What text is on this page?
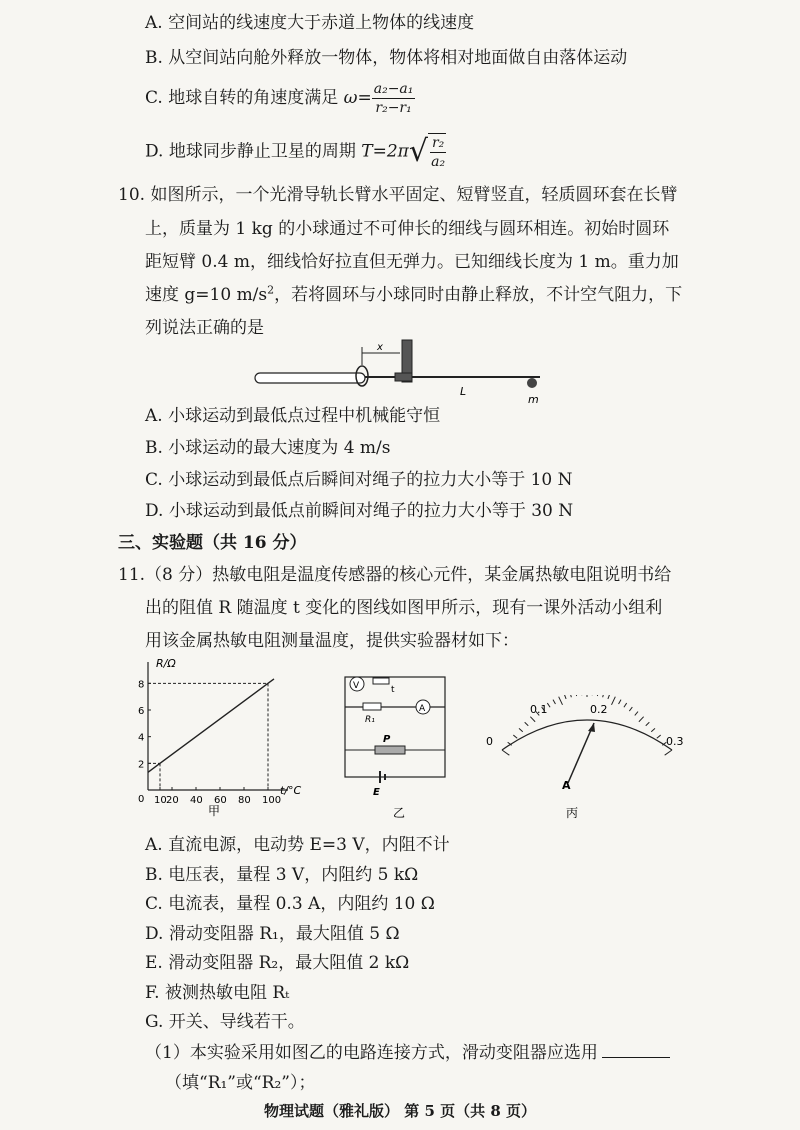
A. 空间站的线速度大于赤道上物体的线速度
B. 从空间站向舱外释放一物体，物体将相对地面做自由落体运动
C. 地球自转的角速度满足 $\omega= \frac{\text{a₂−a₁}}{\text{r₂−r₁}}$
D. 地球同步静止卫星的周期 T=2π √ $\frac{\text{r₂}}{\text{a₂}}$
10. 如图所示，一个光滑导轨长臂水平固定、短臂竖直，轻质圆环套在长臂
上，质量为 1 kg 的小球通过不可伸长的细线与圆环相连。初始时圆环
距短臂 0.4 m，细线恰好拉直但无弹力。已知细线长度为 1 m。重力加
速度 g=10 $m/s^2$，若将圆环与小球同时由静止释放，不计空气阻力，下
列说法正确的是
x
L
m
A. 小球运动到最低点过程中机械能守恒
B. 小球运动的最大速度为 4 m/s
C. 小球运动到最低点后瞬间对绳子的拉力大小等于 10 N
D. 小球运动到最低点前瞬间对绳子的拉力大小等于 30 N
三、实验题（共 16 分）
11.（8 分）热敏电阻是温度传感器的核心元件，某金属热敏电阻说明书给
出的阻值 R 随温度 t 变化的图线如图甲所示，现有一课外活动小组利
用该金属热敏电阻测量温度，提供实验器材如下：
10 20 40 60 80 100
2
4
6
8
0
R/Ω
t/°C
甲
V	t
R₁
A
P
E
乙
0
0.1	0.2
0.3
A
丙
A. 直流电源，电动势 E=3 V，内阻不计
B. 电压表，量程 3 V，内阻约 5 kΩ
C. 电流表，量程 0.3 A，内阻约 10 Ω
D. 滑动变阻器 R₁，最大阻值 5 Ω
E. 滑动变阻器 R₂，最大阻值 2 kΩ
F. 被测热敏电阻 Rₜ
G. 开关、导线若干。
（1）本实验采用如图乙的电路连接方式，滑动变阻器应选用
（填“R₁”或“R₂”）；
物理试题（雅礼版） 第 5 页（共 8 页）
